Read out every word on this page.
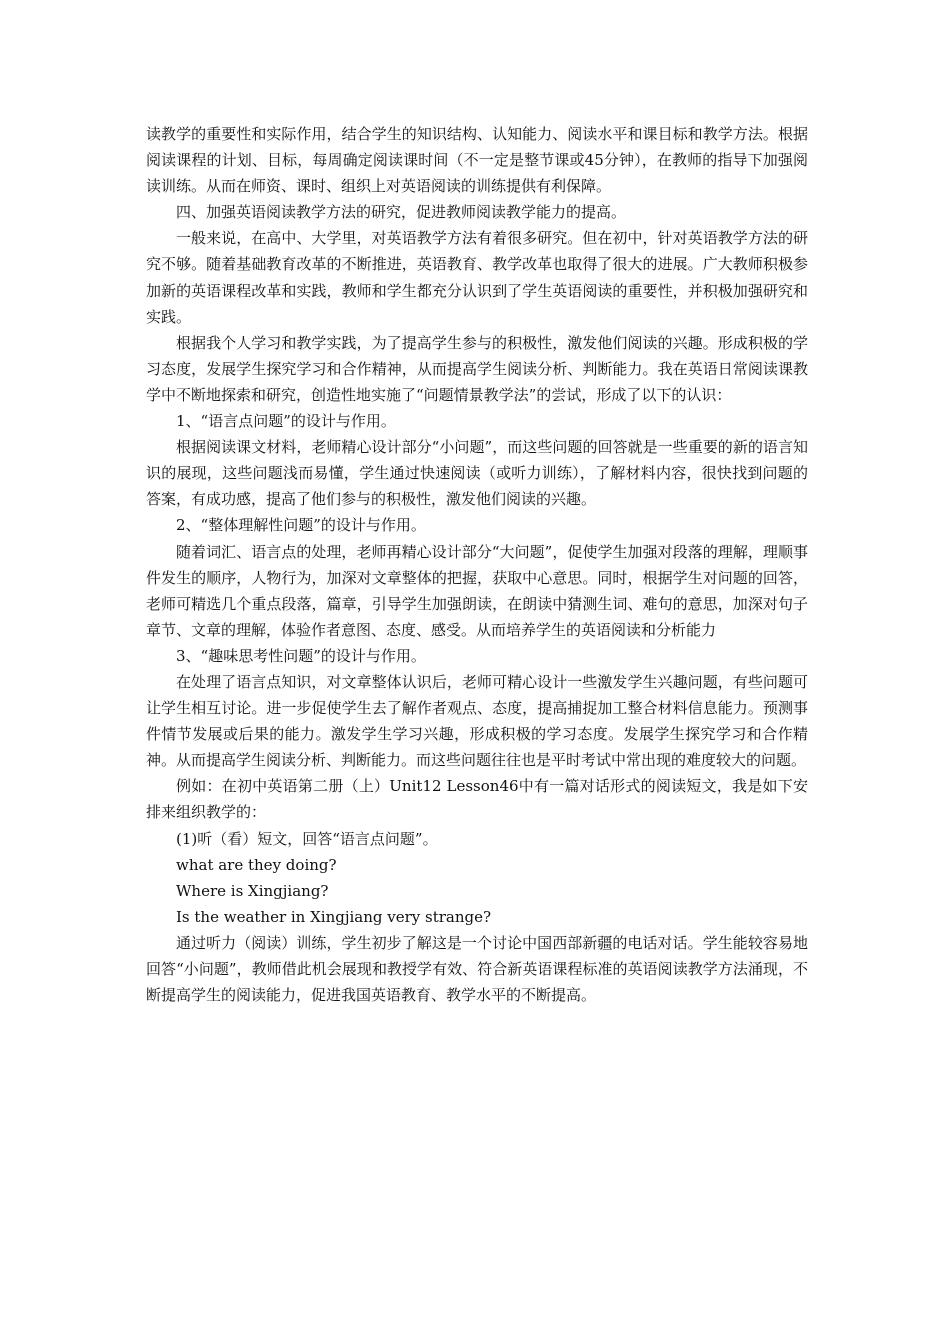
读教学的重要性和实际作用，结合学生的知识结构、认知能力、阅读水平和课目标和教学方法。根据阅读课程的计划、目标，每周确定阅读课时间（不一定是整节课或45分钟），在教师的指导下加强阅读训练。从而在师资、课时、组织上对英语阅读的训练提供有利保障。

四、加强英语阅读教学方法的研究，促进教师阅读教学能力的提高。

一般来说，在高中、大学里，对英语教学方法有着很多研究。但在初中，针对英语教学方法的研究不够。随着基础教育改革的不断推进，英语教育、教学改革也取得了很大的进展。广大教师积极参加新的英语课程改革和实践，教师和学生都充分认识到了学生英语阅读的重要性，并积极加强研究和实践。

根据我个人学习和教学实践，为了提高学生参与的积极性，激发他们阅读的兴趣。形成积极的学习态度，发展学生探究学习和合作精神，从而提高学生阅读分析、判断能力。我在英语日常阅读课教学中不断地探索和研究，创造性地实施了“问题情景教学法”的尝试，形成了以下的认识：

1、“语言点问题”的设计与作用。

根据阅读课文材料，老师精心设计部分“小问题”，而这些问题的回答就是一些重要的新的语言知识的展现，这些问题浅而易懂，学生通过快速阅读（或听力训练），了解材料内容，很快找到问题的答案，有成功感，提高了他们参与的积极性，激发他们阅读的兴趣。

2、“整体理解性问题”的设计与作用。

随着词汇、语言点的处理，老师再精心设计部分“大问题”，促使学生加强对段落的理解，理顺事件发生的顺序，人物行为，加深对文章整体的把握，获取中心意思。同时，根据学生对问题的回答，老师可精选几个重点段落，篇章，引导学生加强朗读，在朗读中猜测生词、难句的意思，加深对句子章节、文章的理解，体验作者意图、态度、感受。从而培养学生的英语阅读和分析能力

3、“趣味思考性问题”的设计与作用。

在处理了语言点知识，对文章整体认识后，老师可精心设计一些激发学生兴趣问题，有些问题可让学生相互讨论。进一步促使学生去了解作者观点、态度，提高捕捉加工整合材料信息能力。预测事件情节发展或后果的能力。激发学生学习兴趣，形成积极的学习态度。发展学生探究学习和合作精神。从而提高学生阅读分析、判断能力。而这些问题往往也是平时考试中常出现的难度较大的问题。

例如：在初中英语第二册（上）Unit12 Lesson46中有一篇对话形式的阅读短文，我是如下安排来组织教学的：

(1)听（看）短文，回答“语言点问题”。

what are they doing?

Where is Xingjiang?

Is the weather in Xingjiang very strange?

通过听力（阅读）训练，学生初步了解这是一个讨论中国西部新疆的电话对话。学生能较容易地回答“小问题”，教师借此机会展现和教授学有效、符合新英语课程标准的英语阅读教学方法涌现，不断提高学生的阅读能力，促进我国英语教育、教学水平的不断提高。
